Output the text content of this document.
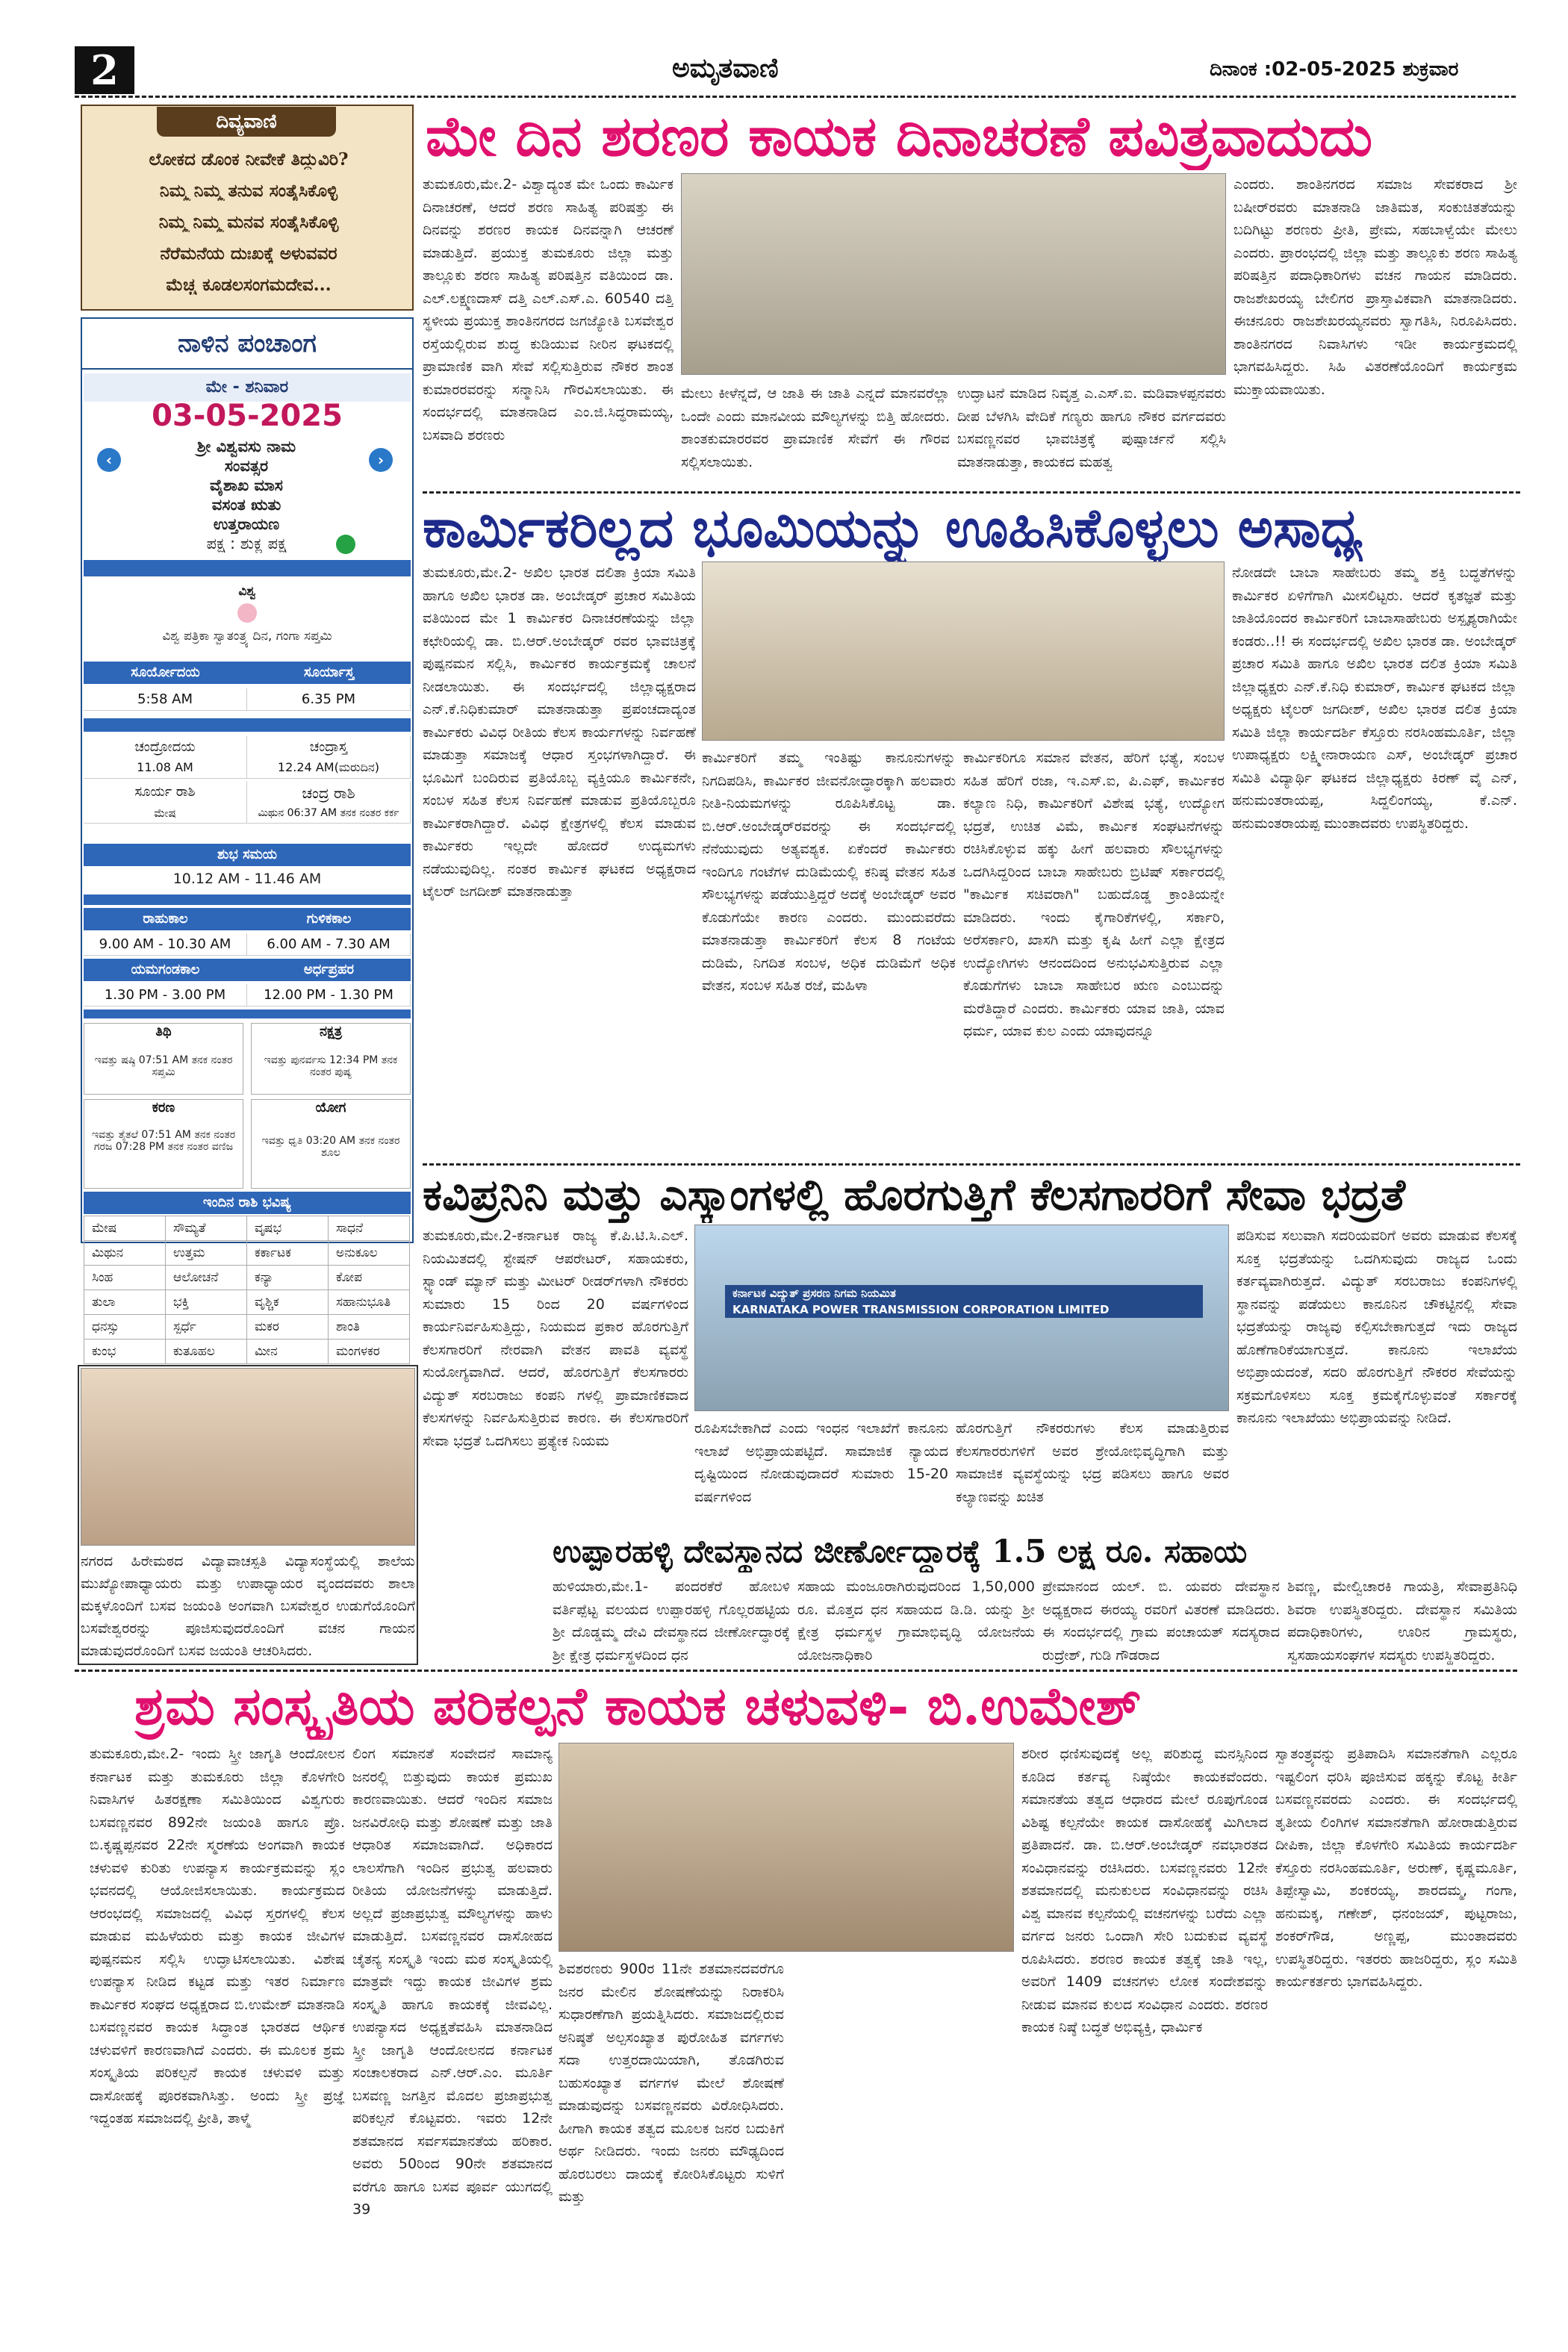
2	ಅಮೃತವಾಣಿ	ದಿನಾಂಕ :02-05-2025 ಶುಕ್ರವಾರ
ದಿವ್ಯವಾಣಿ
ಲೋಕದ ಡೊಂಕ ನೀವೇಕೆ ತಿದ್ದುವಿರಿ?
ನಿಮ್ಮ ನಿಮ್ಮ ತನುವ ಸಂತೈಸಿಕೊಳ್ಳಿ
ನಿಮ್ಮ ನಿಮ್ಮ ಮನವ ಸಂತೈಸಿಕೊಳ್ಳಿ
ನೆರೆಮನೆಯ ದುಃಖಕ್ಕೆ ಅಳುವವರ
ಮೆಚ್ಚ ಕೂಡಲಸಂಗಮದೇವ...
ನಾಳಿನ ಪಂಚಾಂಗ
ಮೇ - ಶನಿವಾರ
03-05-2025
‹	›
ಶ್ರೀ ವಿಶ್ವವಸು ನಾಮ
ಸಂವತ್ಸರ
ವೈಶಾಖ ಮಾಸ
ವಸಂತ ಋತು
ಉತ್ತರಾಯಣ
ಪಕ್ಷ : ಶುಕ್ಲ ಪಕ್ಷ
ವಿಶ್ವ
ವಿಶ್ವ ಪತ್ರಿಕಾ ಸ್ವಾತಂತ್ರ್ಯ ದಿನ, ಗಂಗಾ ಸಪ್ತಮಿ
ಸೂರ್ಯೋದಯ	ಸೂರ್ಯಾಸ್ತ
5:58 AM	6.35 PM
ಚಂದ್ರೋದಯ	ಚಂದ್ರಾಸ್ತ
11.08 AM	12.24 AM(ಮರುದಿನ)
ಸೂರ್ಯ ರಾಶಿ	ಚಂದ್ರ ರಾಶಿ
ಮೇಷ	ಮಿಥುನ 06:37 AM ತನಕ ನಂತರ ಕರ್ಕ
ಶುಭ ಸಮಯ
10.12 AM - 11.46 AM
ರಾಹುಕಾಲ	ಗುಳಿಕಕಾಲ
9.00 AM - 10.30 AM	6.00 AM - 7.30 AM
ಯಮಗಂಡಕಾಲ	ಅರ್ಧಪ್ರಹರ
1.30 PM - 3.00 PM	12.00 PM - 1.30 PM
ತಿಥಿ
ಇವತ್ತು ಷಷ್ಠಿ 07:51 AM ತನಕ ನಂತರ ಸಪ್ತಮಿ
ನಕ್ಷತ್ರ
ಇವತ್ತು ಪುನರ್ವಸು 12:34 PM ತನಕ ನಂತರ ಪುಷ್ಯ
ಕರಣ
ಇವತ್ತು ತೈತಲೆ 07:51 AM ತನಕ ನಂತರ ಗರಜ 07:28 PM ತನಕ ನಂತರ ವಣಿಜ
ಯೋಗ
ಇವತ್ತು ಧೃತಿ 03:20 AM ತನಕ ನಂತರ ಶೂಲ
ಇಂದಿನ ರಾಶಿ ಭವಿಷ್ಯ
ಮೇಷ	ಸೌಮ್ಯತೆ	ವೃಷಭ	ಸಾಧನೆ
ಮಿಥುನ	ಉತ್ತಮ	ಕರ್ಕಾಟಕ	ಅನುಕೂಲ
ಸಿಂಹ	ಆಲೋಚನೆ	ಕನ್ಯಾ	ಕೋಪ
ತುಲಾ	ಭಕ್ತಿ	ವೃಶ್ಚಿಕ	ಸಹಾನುಭೂತಿ
ಧನಸ್ಸು	ಸ್ಪರ್ಧೆ	ಮಕರ	ಶಾಂತಿ
ಕುಂಭ	ಕುತೂಹಲ	ಮೀನ	ಮಂಗಳಕರ
ಮೇ ದಿನ ಶರಣರ ಕಾಯಕ ದಿನಾಚರಣೆ ಪವಿತ್ರವಾದುದು
ತುಮಕೂರು,ಮೇ.2- ವಿಶ್ವಾದ್ಯಂತ ಮೇ ಒಂದು ಕಾರ್ಮಿಕ ದಿನಾಚರಣೆ, ಆದರೆ ಶರಣ ಸಾಹಿತ್ಯ ಪರಿಷತ್ತು ಈ ದಿನವನ್ನು ಶರಣರ ಕಾಯಕ ದಿನವನ್ನಾಗಿ ಆಚರಣೆ ಮಾಡುತ್ತಿದೆ. ಪ್ರಯುಕ್ತ ತುಮಕೂರು ಜಿಲ್ಲಾ ಮತ್ತು ತಾಲ್ಲೂಕು ಶರಣ ಸಾಹಿತ್ಯ ಪರಿಷತ್ತಿನ ವತಿಯಿಂದ ಡಾ. ಎಲ್.ಲಕ್ಷ್ಮಣದಾಸ್ ದತ್ತಿ ಎಲ್.ಎಸ್.ಎ. 60540 ದತ್ತಿ ಸ್ಥಳೀಯ ಪ್ರಯುಕ್ತ ಶಾಂತಿನಗರದ ಜಗಜ್ಯೋತಿ ಬಸವೇಶ್ವರ ರಸ್ತೆಯಲ್ಲಿರುವ ಶುದ್ಧ ಕುಡಿಯುವ ನೀರಿನ ಘಟಕದಲ್ಲಿ ಪ್ರಾಮಾಣಿಕ ವಾಗಿ ಸೇವೆ ಸಲ್ಲಿಸುತ್ತಿರುವ ನೌಕರ ಶಾಂತ ಕುಮಾರರವರನ್ನು ಸನ್ಮಾನಿಸಿ ಗೌರವಿಸಲಾಯಿತು. ಈ ಸಂದರ್ಭದಲ್ಲಿ ಮಾತನಾಡಿದ ಎಂ.ಜಿ.ಸಿದ್ಧರಾಮಯ್ಯ, ಬಸವಾದಿ ಶರಣರು
ಮೇಲು ಕೀಳೆನ್ನದೆ, ಆ ಜಾತಿ ಈ ಜಾತಿ ಎನ್ನದೆ ಮಾನವರೆಲ್ಲಾ ಒಂದೇ ಎಂದು ಮಾನವೀಯ ಮೌಲ್ಯಗಳನ್ನು ಬಿತ್ತಿ ಹೋದರು. ಶಾಂತಕುಮಾರರವರ ಪ್ರಾಮಾಣಿಕ ಸೇವೆಗೆ ಈ ಗೌರವ ಸಲ್ಲಿಸಲಾಯಿತು.
ಉದ್ಘಾಟನೆ ಮಾಡಿದ ನಿವೃತ್ತ ಎ.ಎಸ್.ಐ. ಮಡಿವಾಳಪ್ಪನವರು ದೀಪ ಬೆಳಗಿಸಿ ವೇದಿಕೆ ಗಣ್ಯರು ಹಾಗೂ ನೌಕರ ವರ್ಗದವರು ಬಸವಣ್ಣನವರ ಭಾವಚಿತ್ರಕ್ಕೆ ಪುಷ್ಪಾರ್ಚನೆ ಸಲ್ಲಿಸಿ ಮಾತನಾಡುತ್ತಾ, ಕಾಯಕದ ಮಹತ್ವ
ಎಂದರು. ಶಾಂತಿನಗರದ ಸಮಾಜ ಸೇವಕರಾದ ಶ್ರೀ ಬಷೀರ್‌ರವರು ಮಾತನಾಡಿ ಜಾತಿಮತ, ಸಂಕುಚಿತತೆಯನ್ನು ಬದಿಗಿಟ್ಟು ಶರಣರು ಪ್ರೀತಿ, ಪ್ರೇಮ, ಸಹಬಾಳ್ವೆಯೇ ಮೇಲು ಎಂದರು. ಪ್ರಾರಂಭದಲ್ಲಿ ಜಿಲ್ಲಾ ಮತ್ತು ತಾಲ್ಲೂಕು ಶರಣ ಸಾಹಿತ್ಯ ಪರಿಷತ್ತಿನ ಪದಾಧಿಕಾರಿಗಳು ವಚನ ಗಾಯನ ಮಾಡಿದರು. ರಾಜಶೇಖರಯ್ಯ ಬೇಲಿಗರ ಪ್ರಾಸ್ತಾವಿಕವಾಗಿ ಮಾತನಾಡಿದರು. ಈಚನೂರು ರಾಜಶೇಖರಯ್ಯನವರು ಸ್ವಾಗತಿಸಿ, ನಿರೂಪಿಸಿದರು. ಶಾಂತಿನಗರದ ನಿವಾಸಿಗಳು ಇಡೀ ಕಾರ್ಯಕ್ರಮದಲ್ಲಿ ಭಾಗವಹಿಸಿದ್ದರು. ಸಿಹಿ ವಿತರಣೆಯೊಂದಿಗೆ ಕಾರ್ಯಕ್ರಮ ಮುಕ್ತಾಯವಾಯಿತು.
ಕಾರ್ಮಿಕರಿಲ್ಲದ ಭೂಮಿಯನ್ನು ಊಹಿಸಿಕೊಳ್ಳಲು ಅಸಾಧ್ಯ
ತುಮಕೂರು,ಮೇ.2- ಅಖಿಲ ಭಾರತ ದಲಿತಾ ಕ್ರಿಯಾ ಸಮಿತಿ ಹಾಗೂ ಅಖಿಲ ಭಾರತ ಡಾ. ಅಂಬೇಡ್ಕರ್ ಪ್ರಚಾರ ಸಮಿತಿಯ ವತಿಯಿಂದ ಮೇ 1 ಕಾರ್ಮಿಕರ ದಿನಾಚರಣೆಯನ್ನು ಜಿಲ್ಲಾ ಕಛೇರಿಯಲ್ಲಿ ಡಾ. ಬಿ.ಆರ್.ಅಂಬೇಡ್ಕರ್ ರವರ ಭಾವಚಿತ್ರಕ್ಕೆ ಪುಷ್ಪನಮನ ಸಲ್ಲಿಸಿ, ಕಾರ್ಮಿಕರ ಕಾರ್ಯಕ್ರಮಕ್ಕೆ ಚಾಲನೆ ನೀಡಲಾಯಿತು. ಈ ಸಂದರ್ಭದಲ್ಲಿ ಜಿಲ್ಲಾಧ್ಯಕ್ಷರಾದ ಎನ್.ಕೆ.ನಿಧಿಕುಮಾರ್ ಮಾತನಾಡುತ್ತಾ ಪ್ರಪಂಚದಾದ್ಯಂತ ಕಾರ್ಮಿಕರು ವಿವಿಧ ರೀತಿಯ ಕೆಲಸ ಕಾರ್ಯಗಳನ್ನು ನಿರ್ವಹಣೆ ಮಾಡುತ್ತಾ ಸಮಾಜಕ್ಕೆ ಆಧಾರ ಸ್ತಂಭಗಳಾಗಿದ್ದಾರೆ. ಈ ಭೂಮಿಗೆ ಬಂದಿರುವ ಪ್ರತಿಯೊಬ್ಬ ವ್ಯಕ್ತಿಯೂ ಕಾರ್ಮಿಕನೇ, ಸಂಬಳ ಸಹಿತ ಕೆಲಸ ನಿರ್ವಹಣೆ ಮಾಡುವ ಪ್ರತಿಯೊಬ್ಬರೂ ಕಾರ್ಮಿಕರಾಗಿದ್ದಾರೆ. ವಿವಿಧ ಕ್ಷೇತ್ರಗಳಲ್ಲಿ ಕೆಲಸ ಮಾಡುವ ಕಾರ್ಮಿಕರು ಇಲ್ಲದೇ ಹೋದರೆ ಉದ್ಯಮಗಳು ನಡೆಯುವುದಿಲ್ಲ. ನಂತರ ಕಾರ್ಮಿಕ ಘಟಕದ ಅಧ್ಯಕ್ಷರಾದ ಟೈಲರ್ ಜಗದೀಶ್ ಮಾತನಾಡುತ್ತಾ
ಕಾರ್ಮಿಕರಿಗೆ ತಮ್ಮ ಇಂತಿಷ್ಟು ಕಾನೂನುಗಳನ್ನು ನಿಗದಿಪಡಿಸಿ, ಕಾರ್ಮಿಕರ ಜೀವನೋದ್ಧಾರಕ್ಕಾಗಿ ಹಲವಾರು ನೀತಿ-ನಿಯಮಗಳನ್ನು ರೂಪಿಸಿಕೊಟ್ಟ ಡಾ. ಬಿ.ಆರ್.ಅಂಬೇಡ್ಕರ್‌ರವರನ್ನು ಈ ಸಂದರ್ಭದಲ್ಲಿ ನೆನೆಯುವುದು ಅತ್ಯವಶ್ಯಕ. ಏಕೆಂದರೆ ಕಾರ್ಮಿಕರು ಇಂದಿಗೂ ಗಂಟೆಗಳ ದುಡಿಮೆಯಲ್ಲಿ ಕನಿಷ್ಠ ವೇತನ ಸಹಿತ ಸೌಲಭ್ಯಗಳನ್ನು ಪಡೆಯುತ್ತಿದ್ದರೆ ಅದಕ್ಕೆ ಅಂಬೇಡ್ಕರ್ ಅವರ ಕೊಡುಗೆಯೇ ಕಾರಣ ಎಂದರು. ಮುಂದುವರೆದು ಮಾತನಾಡುತ್ತಾ ಕಾರ್ಮಿಕರಿಗೆ ಕೆಲಸ 8 ಗಂಟೆಯ ದುಡಿಮೆ, ನಿಗದಿತ ಸಂಬಳ, ಅಧಿಕ ದುಡಿಮೆಗೆ ಅಧಿಕ ವೇತನ, ಸಂಬಳ ಸಹಿತ ರಜೆ, ಮಹಿಳಾ
ಕಾರ್ಮಿಕರಿಗೂ ಸಮಾನ ವೇತನ, ಹೆರಿಗೆ ಭತ್ಯೆ, ಸಂಬಳ ಸಹಿತ ಹೆರಿಗೆ ರಜಾ, ಇ.ಎಸ್.ಐ, ಪಿ.ಎಫ್, ಕಾರ್ಮಿಕರ ಕಲ್ಯಾಣ ನಿಧಿ, ಕಾರ್ಮಿಕರಿಗೆ ವಿಶೇಷ ಭತ್ಯೆ, ಉದ್ಯೋಗ ಭದ್ರತೆ, ಉಚಿತ ವಿಮೆ, ಕಾರ್ಮಿಕ ಸಂಘಟನೆಗಳನ್ನು ರಚಿಸಿಕೊಳ್ಳುವ ಹಕ್ಕು ಹೀಗೆ ಹಲವಾರು ಸೌಲಭ್ಯಗಳನ್ನು ಒದಗಿಸಿದ್ದರಿಂದ ಬಾಬಾ ಸಾಹೇಬರು ಬ್ರಿಟಿಷ್ ಸರ್ಕಾರದಲ್ಲಿ "ಕಾರ್ಮಿಕ ಸಚಿವರಾಗಿ" ಬಹುದೊಡ್ಡ ಕ್ರಾಂತಿಯನ್ನೇ ಮಾಡಿದರು. ಇಂದು ಕೈಗಾರಿಕೆಗಳಲ್ಲಿ, ಸರ್ಕಾರಿ, ಅರೆಸರ್ಕಾರಿ, ಖಾಸಗಿ ಮತ್ತು ಕೃಷಿ ಹೀಗೆ ಎಲ್ಲಾ ಕ್ಷೇತ್ರದ ಉದ್ಯೋಗಿಗಳು ಆನಂದದಿಂದ ಅನುಭವಿಸುತ್ತಿರುವ ಎಲ್ಲಾ ಕೊಡುಗೆಗಳು ಬಾಬಾ ಸಾಹೇಬರ ಋಣ ಎಂಬುದನ್ನು ಮರೆತಿದ್ದಾರೆ ಎಂದರು. ಕಾರ್ಮಿಕರು ಯಾವ ಜಾತಿ, ಯಾವ ಧರ್ಮ, ಯಾವ ಕುಲ ಎಂದು ಯಾವುದನ್ನೂ
ನೋಡದೇ ಬಾಬಾ ಸಾಹೇಬರು ತಮ್ಮ ಶಕ್ತಿ ಬದ್ಧತೆಗಳನ್ನು ಕಾರ್ಮಿಕರ ಏಳಿಗೆಗಾಗಿ ಮೀಸಲಿಟ್ಟರು. ಆದರೆ ಕೃತಜ್ಞತೆ ಮತ್ತು ಜಾತಿಯೊಂದರ ಕಾರ್ಮಿಕರಿಗೆ ಬಾಬಾಸಾಹೇಬರು ಅಸ್ಪೃಶ್ಯರಾಗಿಯೇ ಕಂಡರು..!! ಈ ಸಂದರ್ಭದಲ್ಲಿ ಅಖಿಲ ಭಾರತ ಡಾ. ಅಂಬೇಡ್ಕರ್ ಪ್ರಚಾರ ಸಮಿತಿ ಹಾಗೂ ಅಖಿಲ ಭಾರತ ದಲಿತ ಕ್ರಿಯಾ ಸಮಿತಿ ಜಿಲ್ಲಾಧ್ಯಕ್ಷರು ಎನ್.ಕೆ.ನಿಧಿ ಕುಮಾರ್, ಕಾರ್ಮಿಕ ಘಟಕದ ಜಿಲ್ಲಾ ಅಧ್ಯಕ್ಷರು ಟೈಲರ್ ಜಗದೀಶ್, ಅಖಿಲ ಭಾರತ ದಲಿತ ಕ್ರಿಯಾ ಸಮಿತಿ ಜಿಲ್ಲಾ ಕಾರ್ಯದರ್ಶಿ ಕೆಸ್ತೂರು ನರಸಿಂಹಮೂರ್ತಿ, ಜಿಲ್ಲಾ ಉಪಾಧ್ಯಕ್ಷರು ಲಕ್ಷ್ಮೀನಾರಾಯಣ ಎಸ್, ಅಂಬೇಡ್ಕರ್ ಪ್ರಚಾರ ಸಮಿತಿ ವಿದ್ಯಾರ್ಥಿ ಘಟಕದ ಜಿಲ್ಲಾಧ್ಯಕ್ಷರು ಕಿರಣ್ ವೈ ಎನ್, ಹನುಮಂತರಾಯಪ್ಪ, ಸಿದ್ದಲಿಂಗಯ್ಯ, ಕೆ.ಎನ್. ಹನುಮಂತರಾಯಪ್ಪ ಮುಂತಾದವರು ಉಪಸ್ಥಿತರಿದ್ದರು.
ಕವಿಪ್ರನಿನಿ ಮತ್ತು ಎಸ್ಕಾಂಗಳಲ್ಲಿ ಹೊರಗುತ್ತಿಗೆ ಕೆಲಸಗಾರರಿಗೆ ಸೇವಾ ಭದ್ರತೆ
ತುಮಕೂರು,ಮೇ.2-ಕರ್ನಾಟಕ ರಾಜ್ಯ ಕೆ.ಪಿ.ಟಿ.ಸಿ.ಎಲ್. ನಿಯಮಿತದಲ್ಲಿ ಸ್ಟೇಷನ್ ಆಪರೇಟರ್, ಸಹಾಯಕರು, ಸ್ಟ್ಯಾಂಡ್ ಮ್ಯಾನ್ ಮತ್ತು ಮೀಟರ್ ರೀಡರ್‌ಗಳಾಗಿ ನೌಕರರು ಸುಮಾರು 15 ರಿಂದ 20 ವರ್ಷಗಳಿಂದ ಕಾರ್ಯನಿರ್ವಹಿಸುತ್ತಿದ್ದು, ನಿಯಮದ ಪ್ರಕಾರ ಹೊರಗುತ್ತಿಗೆ ಕೆಲಸಗಾರರಿಗೆ ನೇರವಾಗಿ ವೇತನ ಪಾವತಿ ವ್ಯವಸ್ಥೆ ಸುಯೋಗ್ಯವಾಗಿದೆ. ಆದರೆ, ಹೊರಗುತ್ತಿಗೆ ಕೆಲಸಗಾರರು ವಿದ್ಯುತ್ ಸರಬರಾಜು ಕಂಪನಿ ಗಳಲ್ಲಿ ಪ್ರಾಮಾಣಿಕವಾದ ಕೆಲಸಗಳನ್ನು ನಿರ್ವಹಿಸುತ್ತಿರುವ ಕಾರಣ. ಈ ಕೆಲಸಗಾರರಿಗೆ ಸೇವಾ ಭದ್ರತೆ ಒದಗಿಸಲು ಪ್ರತ್ಯೇಕ ನಿಯಮ
ಕರ್ನಾಟಕ ವಿದ್ಯುತ್ ಪ್ರಸರಣ ನಿಗಮ ನಿಯಮಿತ
KARNATAKA POWER TRANSMISSION CORPORATION LIMITED
ರೂಪಿಸಬೇಕಾಗಿದೆ ಎಂದು ಇಂಧನ ಇಲಾಖೆಗೆ ಕಾನೂನು ಇಲಾಖೆ ಅಭಿಪ್ರಾಯಪಟ್ಟಿದೆ. ಸಾಮಾಜಿಕ ನ್ಯಾಯದ ದೃಷ್ಟಿಯಿಂದ ನೋಡುವುದಾದರೆ ಸುಮಾರು 15-20 ವರ್ಷಗಳಿಂದ
ಹೊರಗುತ್ತಿಗೆ ನೌಕರರುಗಳು ಕೆಲಸ ಮಾಡುತ್ತಿರುವ ಕೆಲಸಗಾರರುಗಳಿಗೆ ಅವರ ಶ್ರೇಯೋಭಿವೃದ್ಧಿಗಾಗಿ ಮತ್ತು ಸಾಮಾಜಿಕ ವ್ಯವಸ್ಥೆಯನ್ನು ಭದ್ರ ಪಡಿಸಲು ಹಾಗೂ ಅವರ ಕಲ್ಯಾಣವನ್ನು ಖಚಿತ
ಪಡಿಸುವ ಸಲುವಾಗಿ ಸದರಿಯವರಿಗೆ ಅವರು ಮಾಡುವ ಕೆಲಸಕ್ಕೆ ಸೂಕ್ತ ಭದ್ರತೆಯನ್ನು ಒದಗಿಸುವುದು ರಾಜ್ಯದ ಒಂದು ಕರ್ತವ್ಯವಾಗಿರುತ್ತದೆ. ವಿದ್ಯುತ್ ಸರಬರಾಜು ಕಂಪನಿಗಳಲ್ಲಿ ಸ್ಥಾನವನ್ನು ಪಡೆಯಲು ಕಾನೂನಿನ ಚೌಕಟ್ಟಿನಲ್ಲಿ ಸೇವಾ ಭದ್ರತೆಯನ್ನು ರಾಜ್ಯವು ಕಲ್ಪಿಸಬೇಕಾಗುತ್ತದೆ ಇದು ರಾಜ್ಯದ ಹೊಣೆಗಾರಿಕೆಯಾಗುತ್ತದೆ. ಕಾನೂನು ಇಲಾಖೆಯ ಅಭಿಪ್ರಾಯದಂತೆ, ಸದರಿ ಹೊರಗುತ್ತಿಗೆ ನೌಕರರ ಸೇವೆಯನ್ನು ಸಕ್ರಮಗೊಳಿಸಲು ಸೂಕ್ತ ಕ್ರಮಕೈಗೊಳ್ಳುವಂತೆ ಸರ್ಕಾರಕ್ಕೆ ಕಾನೂನು ಇಲಾಖೆಯು ಅಭಿಪ್ರಾಯವನ್ನು ನೀಡಿದೆ.
ನಗರದ ಹಿರೇಮಠದ ವಿದ್ಯಾವಾಚಸ್ಪತಿ ವಿದ್ಯಾಸಂಸ್ಥೆಯಲ್ಲಿ ಶಾಲೆಯ ಮುಖ್ಯೋಪಾಧ್ಯಾಯರು ಮತ್ತು ಉಪಾಧ್ಯಾಯರ ವೃಂದದವರು ಶಾಲಾ ಮಕ್ಕಳೊಂದಿಗೆ ಬಸವ ಜಯಂತಿ ಅಂಗವಾಗಿ ಬಸವೇಶ್ವರ ಉಡುಗೆಯೊಂದಿಗೆ ಬಸವೇಶ್ವರರನ್ನು ಪೂಜಿಸುವುದರೊಂದಿಗೆ ವಚನ ಗಾಯನ ಮಾಡುವುದರೊಂದಿಗೆ ಬಸವ ಜಯಂತಿ ಆಚರಿಸಿದರು.
ಉಪ್ಪಾರಹಳ್ಳಿ ದೇವಸ್ಥಾನದ ಜೀರ್ಣೋದ್ದಾರಕ್ಕೆ 1.5 ಲಕ್ಷ ರೂ. ಸಹಾಯ
ಹುಳಿಯಾರು,ಮೇ.1- ಪಂದರಕೆರೆ ಹೋಬಳಿ ವರ್ತಿಪ್ಪೆಟ್ಟ ವಲಯದ ಉಪ್ಪಾರಹಳ್ಳಿ ಗೊಲ್ಲರಹಟ್ಟಿಯ ಶ್ರೀ ದೊಡ್ಡಮ್ಮ ದೇವಿ ದೇವಸ್ಥಾನದ ಜೀರ್ಣೋದ್ಧಾರಕ್ಕೆ ಶ್ರೀ ಕ್ಷೇತ್ರ ಧರ್ಮಸ್ಥಳದಿಂದ ಧನ
ಸಹಾಯ ಮಂಜೂರಾಗಿರುವುದರಿಂದ 1,50,000 ರೂ. ಮೊತ್ತದ ಧನ ಸಹಾಯದ ಡಿ.ಡಿ. ಯನ್ನು ಶ್ರೀ ಕ್ಷೇತ್ರ ಧರ್ಮಸ್ಥಳ ಗ್ರಾಮಾಭಿವೃದ್ಧಿ ಯೋಜನೆಯ ಯೋಜನಾಧಿಕಾರಿ
ಪ್ರೇಮಾನಂದ ಯಲ್. ಬಿ. ಯವರು ದೇವಸ್ಥಾನ ಅಧ್ಯಕ್ಷರಾದ ಈರಯ್ಯ ರವರಿಗೆ ವಿತರಣೆ ಮಾಡಿದರು. ಈ ಸಂದರ್ಭದಲ್ಲಿ ಗ್ರಾಮ ಪಂಚಾಯತ್ ಸದಸ್ಯರಾದ ರುದ್ರೇಶ್, ಗುಡಿ ಗೌಡರಾದ
ಶಿವಣ್ಣ, ಮೇಲ್ವಿಚಾರಕಿ ಗಾಯತ್ರಿ, ಸೇವಾಪ್ರತಿನಿಧಿ ಶಿವರಾ ಉಪಸ್ಥಿತರಿದ್ದರು. ದೇವಸ್ಥಾನ ಸಮಿತಿಯ ಪದಾಧಿಕಾರಿಗಳು, ಊರಿನ ಗ್ರಾಮಸ್ಥರು, ಸ್ವಸಹಾಯಸಂಘಗಳ ಸದಸ್ಯರು ಉಪಸ್ಥಿತರಿದ್ದರು.
ಶ್ರಮ ಸಂಸ್ಕೃತಿಯ ಪರಿಕಲ್ಪನೆ ಕಾಯಕ ಚಳುವಳಿ- ಬಿ.ಉಮೇಶ್
ತುಮಕೂರು,ಮೇ.2- ಇಂದು ಸ್ತ್ರೀ ಜಾಗೃತಿ ಆಂದೋಲನ ಕರ್ನಾಟಕ ಮತ್ತು ತುಮಕೂರು ಜಿಲ್ಲಾ ಕೊಳಗೇರಿ ನಿವಾಸಿಗಳ ಹಿತರಕ್ಷಣಾ ಸಮಿತಿಯಿಂದ ವಿಶ್ವಗುರು ಬಸವಣ್ಣನವರ 892ನೇ ಜಯಂತಿ ಹಾಗೂ ಪ್ರೊ. ಬಿ.ಕೃಷ್ಣಪ್ಪನವರ 22ನೇ ಸ್ಮರಣೆಯ ಅಂಗವಾಗಿ ಕಾಯಕ ಚಳುವಳಿ ಕುರಿತು ಉಪನ್ಯಾಸ ಕಾರ್ಯಕ್ರಮವನ್ನು ಸ್ಲಂ ಭವನದಲ್ಲಿ ಆಯೋಜಿಸಲಾಯಿತು. ಕಾರ್ಯಕ್ರಮದ ಆರಂಭದಲ್ಲಿ ಸಮಾಜದಲ್ಲಿ ವಿವಿಧ ಸ್ತರಗಳಲ್ಲಿ ಕೆಲಸ ಮಾಡುವ ಮಹಿಳೆಯರು ಮತ್ತು ಕಾಯಕ ಜೀವಿಗಳ ಪುಷ್ಪನಮನ ಸಲ್ಲಿಸಿ ಉದ್ಘಾಟಿಸಲಾಯಿತು. ವಿಶೇಷ ಉಪನ್ಯಾಸ ನೀಡಿದ ಕಟ್ಟಡ ಮತ್ತು ಇತರ ನಿರ್ಮಾಣ ಕಾರ್ಮಿಕರ ಸಂಘದ ಅಧ್ಯಕ್ಷರಾದ ಬಿ.ಉಮೇಶ್ ಮಾತನಾಡಿ ಬಸವಣ್ಣನವರ ಕಾಯಕ ಸಿದ್ಧಾಂತ ಭಾರತದ ಆರ್ಥಿಕ ಚಳುವಳಿಗೆ ಕಾರಣವಾಗಿದೆ ಎಂದರು. ಈ ಮೂಲಕ ಶ್ರಮ ಸಂಸ್ಕೃತಿಯ ಪರಿಕಲ್ಪನೆ ಕಾಯಕ ಚಳುವಳಿ ಮತ್ತು ದಾಸೋಹಕ್ಕೆ ಪೂರಕವಾಗಿಸಿತ್ತು. ಅಂದು ಸ್ತ್ರೀ ಪ್ರಜ್ಞೆ ಇದ್ದಂತಹ ಸಮಾಜದಲ್ಲಿ ಪ್ರೀತಿ, ತಾಳ್ಮೆ
ಲಿಂಗ ಸಮಾನತೆ ಸಂವೇದನೆ ಸಾಮಾನ್ಯ ಜನರಲ್ಲಿ ಬಿತ್ತುವುದು ಕಾಯಕ ಪ್ರಮುಖ ಕಾರಣವಾಯಿತು. ಆದರೆ ಇಂದಿನ ಸಮಾಜ ಜನವಿರೋಧಿ ಮತ್ತು ಶೋಷಣೆ ಮತ್ತು ಜಾತಿ ಆಧಾರಿತ ಸಮಾಜವಾಗಿದೆ. ಅಧಿಕಾರದ ಲಾಲಸೆಗಾಗಿ ಇಂದಿನ ಪ್ರಭುತ್ವ ಹಲವಾರು ರೀತಿಯ ಯೋಜನೆಗಳನ್ನು ಮಾಡುತ್ತಿದೆ. ಅಲ್ಲದೆ ಪ್ರಜಾಪ್ರಭುತ್ವ ಮೌಲ್ಯಗಳನ್ನು ಹಾಳು ಮಾಡುತ್ತಿದೆ. ಬಸವಣ್ಣನವರ ದಾಸೋಹದ ಚೈತನ್ಯ ಸಂಸ್ಕೃತಿ ಇಂದು ಮಠ ಸಂಸ್ಕೃತಿಯಲ್ಲಿ ಮಾತ್ರವೇ ಇದ್ದು ಕಾಯಕ ಜೀವಿಗಳ ಶ್ರಮ ಸಂಸ್ಕೃತಿ ಹಾಗೂ ಕಾಯಕಕ್ಕೆ ಜೀವವಿಲ್ಲ. ಉಪನ್ಯಾಸದ ಅಧ್ಯಕ್ಷತೆವಹಿಸಿ ಮಾತನಾಡಿದ ಸ್ತ್ರೀ ಜಾಗೃತಿ ಆಂದೋಲನದ ಕರ್ನಾಟಕ ಸಂಚಾಲಕರಾದ ಎನ್.ಆರ್.ಎಂ. ಮೂರ್ತಿ ಬಸವಣ್ಣ ಜಗತ್ತಿನ ಮೊದಲ ಪ್ರಜಾಪ್ರಭುತ್ವ ಪರಿಕಲ್ಪನೆ ಕೊಟ್ಟವರು. ಇವರು 12ನೇ ಶತಮಾನದ ಸರ್ವಸಮಾನತೆಯ ಹರಿಕಾರ. ಅವರು 50ರಿಂದ 90ನೇ ಶತಮಾನದ ವರೆಗೂ ಹಾಗೂ ಬಸವ ಪೂರ್ವ ಯುಗದಲ್ಲಿ 39
ಶಿವಶರಣರು 900ರ 11ನೇ ಶತಮಾನದವರೆಗೂ ಜನರ ಮೇಲಿನ ಶೋಷಣೆಯನ್ನು ನಿರಾಕರಿಸಿ ಸುಧಾರಣೆಗಾಗಿ ಪ್ರಯತ್ನಿಸಿದರು. ಸಮಾಜದಲ್ಲಿರುವ ಅನಿಷ್ಠತೆ ಅಲ್ಪಸಂಖ್ಯಾತ ಪುರೋಹಿತ ವರ್ಗಗಳು ಸದಾ ಉತ್ತರದಾಯಿಯಾಗಿ, ತೊಡಗಿರುವ ಬಹುಸಂಖ್ಯಾತ ವರ್ಗಗಳ ಮೇಲೆ ಶೋಷಣೆ ಮಾಡುವುದನ್ನು ಬಸವಣ್ಣನವರು ವಿರೋಧಿಸಿದರು. ಹೀಗಾಗಿ ಕಾಯಕ ತತ್ವದ ಮೂಲಕ ಜನರ ಬದುಕಿಗೆ ಅರ್ಥ ನೀಡಿದರು. ಇಂದು ಜನರು ಮೌಢ್ಯದಿಂದ ಹೊರಬರಲು ದಾಯಕ್ಕೆ ಕೋರಿಸಿಕೊಟ್ಟರು ಸುಳಿಗೆ ಮತ್ತು
ಶರೀರ ಧಣಿಸುವುದಕ್ಕೆ ಅಲ್ಲ ಪರಿಶುದ್ಧ ಮನಸ್ಸಿನಿಂದ ಕೂಡಿದ ಕರ್ತವ್ಯ ನಿಷ್ಠೆಯೇ ಕಾಯಕವೆಂದರು. ಸಮಾನತೆಯ ತತ್ವದ ಆಧಾರದ ಮೇಲೆ ರೂಪುಗೊಂಡ ವಿಶಿಷ್ಟ ಕಲ್ಪನೆಯೇ ಕಾಯಕ ದಾಸೋಹಕ್ಕೆ ಮಿಗಿಲಾದ ಪ್ರತಿಪಾದನೆ. ಡಾ. ಬಿ.ಆರ್.ಅಂಬೇಡ್ಕರ್ ನವಭಾರತದ ಸಂವಿಧಾನವನ್ನು ರಚಿಸಿದರು. ಬಸವಣ್ಣನವರು 12ನೇ ಶತಮಾನದಲ್ಲಿ ಮನುಕುಲದ ಸಂವಿಧಾನವನ್ನು ರಚಿಸಿ ವಿಶ್ವ ಮಾನವ ಕಲ್ಪನೆಯಲ್ಲಿ ವಚನಗಳನ್ನು ಬರೆದು ಎಲ್ಲಾ ವರ್ಗದ ಜನರು ಒಂದಾಗಿ ಸೇರಿ ಬದುಕುವ ವ್ಯವಸ್ಥೆ ರೂಪಿಸಿದರು. ಶರಣರ ಕಾಯಕ ತತ್ವಕ್ಕೆ ಜಾತಿ ಇಲ್ಲ, ಅವರಿಗೆ 1409 ವಚನಗಳು ಲೋಕ ಸಂದೇಶವನ್ನು ನೀಡುವ ಮಾನವ ಕುಲದ ಸಂವಿಧಾನ ಎಂದರು. ಶರಣರ ಕಾಯಕ ನಿಷ್ಠೆ ಬದ್ಧತೆ ಅಭಿವ್ಯಕ್ತಿ, ಧಾರ್ಮಿಕ
ಸ್ವಾತಂತ್ರ್ಯವನ್ನು ಪ್ರತಿಪಾದಿಸಿ ಸಮಾನತೆಗಾಗಿ ಎಲ್ಲರೂ ಇಷ್ಟಲಿಂಗ ಧರಿಸಿ ಪೂಜಿಸುವ ಹಕ್ಕನ್ನು ಕೊಟ್ಟ ಕೀರ್ತಿ ಬಸವಣ್ಣನವರದು ಎಂದರು. ಈ ಸಂದರ್ಭದಲ್ಲಿ ತೃತೀಯ ಲಿಂಗಿಗಳ ಸಮಾನತೆಗಾಗಿ ಹೋರಾಡುತ್ತಿರುವ ದೀಪಿಕಾ, ಜಿಲ್ಲಾ ಕೊಳಗೇರಿ ಸಮಿತಿಯ ಕಾರ್ಯದರ್ಶಿ ಕೆಸ್ತೂರು ನರಸಿಂಹಮೂರ್ತಿ, ಅರುಣ್, ಕೃಷ್ಣಮೂರ್ತಿ, ತಿಪ್ಪೇಸ್ವಾಮಿ, ಶಂಕರಯ್ಯ, ಶಾರದಮ್ಮ, ಗಂಗಾ, ಹನುಮಕ್ಕ, ಗಣೇಶ್, ಧನಂಜಯ್, ಪುಟ್ಟರಾಜು, ಶಂಕರ್‌ಗೌಡ, ಅಣ್ಣಪ್ಪ, ಮುಂತಾದವರು ಉಪಸ್ಥಿತರಿದ್ದರು. ಇತರರು ಹಾಜರಿದ್ದರು, ಸ್ಲಂ ಸಮಿತಿ ಕಾರ್ಯಕರ್ತರು ಭಾಗವಹಿಸಿದ್ದರು.
